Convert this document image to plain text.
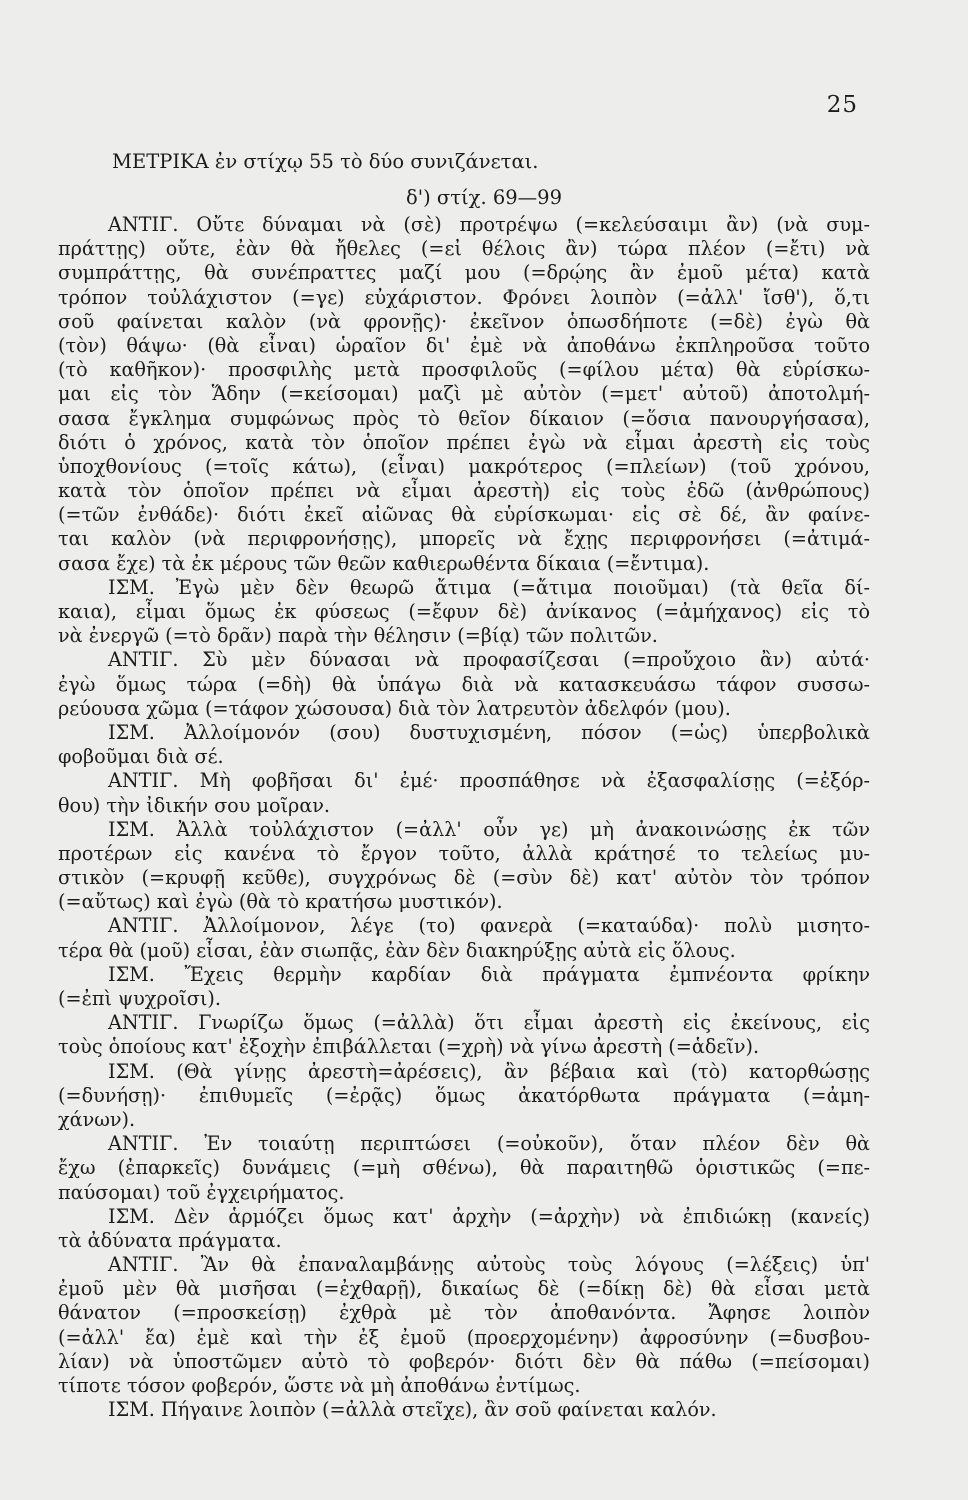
25
ΜΕΤΡΙΚΑ ἐν στίχῳ 55 τὸ δύο συνιζάνεται.
δ') στίχ. 69—99
ΑΝΤΙΓ. Οὔτε δύναμαι νὰ (σὲ) προτρέψω (=κελεύσαιμι ἂν) (νὰ συμ-
πράττῃς) οὔτε, ἐὰν θὰ ἤθελες (=εἰ θέλοις ἂν) τώρα πλέον (=ἔτι) νὰ
συμπράττῃς, θὰ συνέπραττες μαζί μου (=δρῴης ἂν ἐμοῦ μέτα) κατὰ
τρόπον τοὐλάχιστον (=γε) εὐχάριστον. Φρόνει λοιπὸν (=ἀλλ' ἴσθ'), ὅ,τι
σοῦ φαίνεται καλὸν (νὰ φρονῇς)· ἐκεῖνον ὁπωσδήποτε (=δὲ) ἐγὼ θὰ
(τὸν) θάψω· (θὰ εἶναι) ὡραῖον δι' ἐμὲ νὰ ἀποθάνω ἐκπληροῦσα τοῦτο
(τὸ καθῆκον)· προσφιλὴς μετὰ προσφιλοῦς (=φίλου μέτα) θὰ εὑρίσκω-
μαι εἰς τὸν Ἅδην (=κείσομαι) μαζὶ μὲ αὐτὸν (=μετ' αὐτοῦ) ἀποτολμή-
σασα ἔγκλημα συμφώνως πρὸς τὸ θεῖον δίκαιον (=ὅσια πανουργήσασα),
διότι ὁ χρόνος, κατὰ τὸν ὁποῖον πρέπει ἐγὼ νὰ εἶμαι ἀρεστὴ εἰς τοὺς
ὑποχθονίους (=τοῖς κάτω), (εἶναι) μακρότερος (=πλείων) (τοῦ χρόνου,
κατὰ τὸν ὁποῖον πρέπει νὰ εἶμαι ἀρεστὴ) εἰς τοὺς ἐδῶ (ἀνθρώπους)
(=τῶν ἐνθάδε)· διότι ἐκεῖ αἰῶνας θὰ εὑρίσκωμαι· εἰς σὲ δέ, ἂν φαίνε-
ται καλὸν (νὰ περιφρονήσῃς), μπορεῖς νὰ ἔχῃς περιφρονήσει (=ἀτιμά-
σασα ἔχε) τὰ ἐκ μέρους τῶν θεῶν καθιερωθέντα δίκαια (=ἔντιμα).
ΙΣΜ. Ἐγὼ μὲν δὲν θεωρῶ ἄτιμα (=ἄτιμα ποιοῦμαι) (τὰ θεῖα δί-
καια), εἶμαι ὅμως ἐκ φύσεως (=ἔφυν δὲ) ἀνίκανος (=ἀμήχανος) εἰς τὸ
νὰ ἐνεργῶ (=τὸ δρᾶν) παρὰ τὴν θέλησιν (=βίᾳ) τῶν πολιτῶν.
ΑΝΤΙΓ. Σὺ μὲν δύνασαι νὰ προφασίζεσαι (=προὔχοιο ἂν) αὐτά·
ἐγὼ ὅμως τώρα (=δὴ) θὰ ὑπάγω διὰ νὰ κατασκευάσω τάφον συσσω-
ρεύουσα χῶμα (=τάφον χώσουσα) διὰ τὸν λατρευτὸν ἀδελφόν (μου).
ΙΣΜ. Ἀλλοίμονόν (σου) δυστυχισμένη, πόσον (=ὡς) ὑπερβολικὰ
φοβοῦμαι διὰ σέ.
ΑΝΤΙΓ. Μὴ φοβῆσαι δι' ἐμέ· προσπάθησε νὰ ἐξασφαλίσῃς (=ἐξόρ-
θου) τὴν ἰδικήν σου μοῖραν.
ΙΣΜ. Ἀλλὰ τοὐλάχιστον (=ἀλλ' οὖν γε) μὴ ἀνακοινώσῃς ἐκ τῶν
προτέρων εἰς κανένα τὸ ἔργον τοῦτο, ἀλλὰ κράτησέ το τελείως μυ-
στικὸν (=κρυφῇ κεῦθε), συγχρόνως δὲ (=σὺν δὲ) κατ' αὐτὸν τὸν τρόπον
(=αὔτως) καὶ ἐγὼ (θὰ τὸ κρατήσω μυστικόν).
ΑΝΤΙΓ. Ἀλλοίμονον, λέγε (το) φανερὰ (=καταύδα)· πολὺ μισητο-
τέρα θὰ (μοῦ) εἶσαι, ἐὰν σιωπᾷς, ἐὰν δὲν διακηρύξῃς αὐτὰ εἰς ὅλους.
ΙΣΜ. Ἔχεις θερμὴν καρδίαν διὰ πράγματα ἐμπνέοντα φρίκην
(=ἐπὶ ψυχροῖσι).
ΑΝΤΙΓ. Γνωρίζω ὅμως (=ἀλλὰ) ὅτι εἶμαι ἀρεστὴ εἰς ἐκείνους, εἰς
τοὺς ὁποίους κατ' ἐξοχὴν ἐπιβάλλεται (=χρὴ) νὰ γίνω ἀρεστὴ (=ἁδεῖν).
ΙΣΜ. (Θὰ γίνῃς ἀρεστὴ=ἀρέσεις), ἂν βέβαια καὶ (τὸ) κατορθώσῃς
(=δυνήσῃ)· ἐπιθυμεῖς (=ἐρᾷς) ὅμως ἀκατόρθωτα πράγματα (=ἀμη-
χάνων).
ΑΝΤΙΓ. Ἐν τοιαύτῃ περιπτώσει (=οὐκοῦν), ὅταν πλέον δὲν θὰ
ἔχω (ἐπαρκεῖς) δυνάμεις (=μὴ σθένω), θὰ παραιτηθῶ ὁριστικῶς (=πε-
παύσομαι) τοῦ ἐγχειρήματος.
ΙΣΜ. Δὲν ἁρμόζει ὅμως κατ' ἀρχὴν (=ἀρχὴν) νὰ ἐπιδιώκῃ (κανείς)
τὰ ἀδύνατα πράγματα.
ΑΝΤΙΓ. Ἂν θὰ ἐπαναλαμβάνῃς αὐτοὺς τοὺς λόγους (=λέξεις) ὑπ'
ἐμοῦ μὲν θὰ μισῆσαι (=ἐχθαρῇ), δικαίως δὲ (=δίκῃ δὲ) θὰ εἶσαι μετὰ
θάνατον (=προσκείσῃ) ἐχθρὰ μὲ τὸν ἀποθανόντα. Ἄφησε λοιπὸν
(=ἀλλ' ἔα) ἐμὲ καὶ τὴν ἐξ ἐμοῦ (προερχομένην) ἀφροσύνην (=δυσβου-
λίαν) νὰ ὑποστῶμεν αὐτὸ τὸ φοβερόν· διότι δὲν θὰ πάθω (=πείσομαι)
τίποτε τόσον φοβερόν, ὥστε νὰ μὴ ἀποθάνω ἐντίμως.
ΙΣΜ. Πήγαινε λοιπὸν (=ἀλλὰ στεῖχε), ἂν σοῦ φαίνεται καλόν.
